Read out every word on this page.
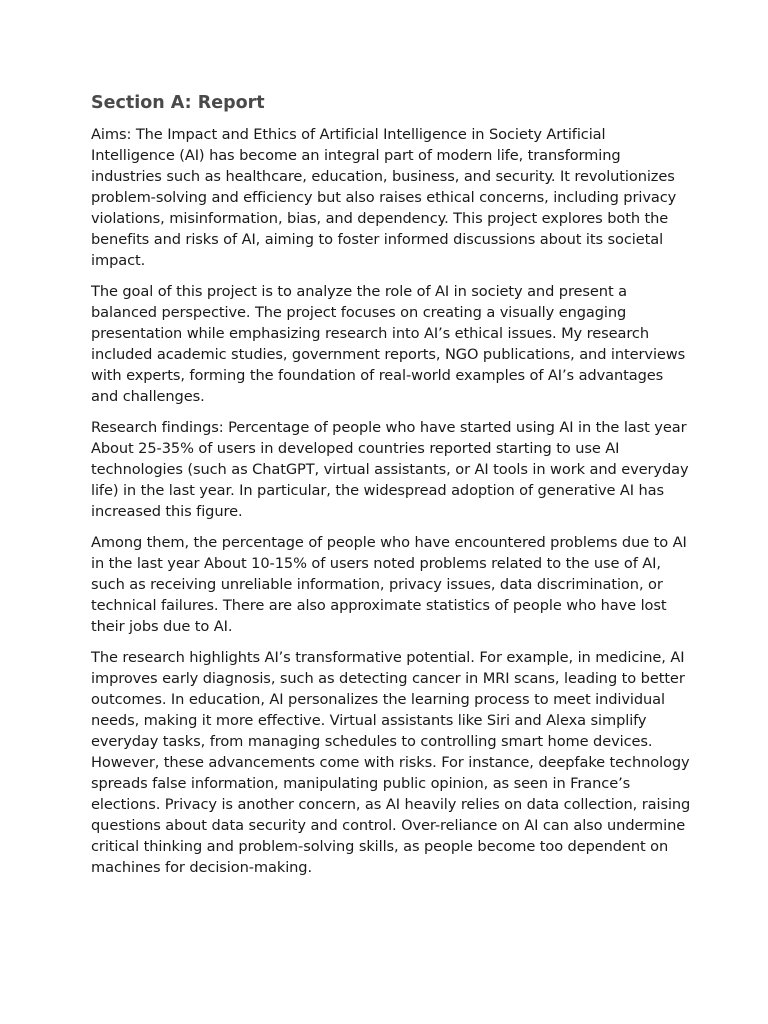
Section A: Report

Aims: The Impact and Ethics of Artificial Intelligence in Society Artificial Intelligence (AI) has become an integral part of modern life, transforming industries such as healthcare, education, business, and security. It revolutionizes problem-solving and efficiency but also raises ethical concerns, including privacy violations, misinformation, bias, and dependency. This project explores both the benefits and risks of AI, aiming to foster informed discussions about its societal impact.

The goal of this project is to analyze the role of AI in society and present a balanced perspective. The project focuses on creating a visually engaging presentation while emphasizing research into AI’s ethical issues. My research included academic studies, government reports, NGO publications, and interviews with experts, forming the foundation of real-world examples of AI’s advantages and challenges.

Research findings: Percentage of people who have started using AI in the last year About 25-35% of users in developed countries reported starting to use AI technologies (such as ChatGPT, virtual assistants, or AI tools in work and everyday life) in the last year. In particular, the widespread adoption of generative AI has increased this figure.

Among them, the percentage of people who have encountered problems due to AI in the last year About 10-15% of users noted problems related to the use of AI, such as receiving unreliable information, privacy issues, data discrimination, or technical failures. There are also approximate statistics of people who have lost their jobs due to AI.

The research highlights AI’s transformative potential. For example, in medicine, AI improves early diagnosis, such as detecting cancer in MRI scans, leading to better outcomes. In education, AI personalizes the learning process to meet individual needs, making it more effective. Virtual assistants like Siri and Alexa simplify everyday tasks, from managing schedules to controlling smart home devices. However, these advancements come with risks. For instance, deepfake technology spreads false information, manipulating public opinion, as seen in France’s elections. Privacy is another concern, as AI heavily relies on data collection, raising questions about data security and control. Over-reliance on AI can also undermine critical thinking and problem-solving skills, as people become too dependent on machines for decision-making.
